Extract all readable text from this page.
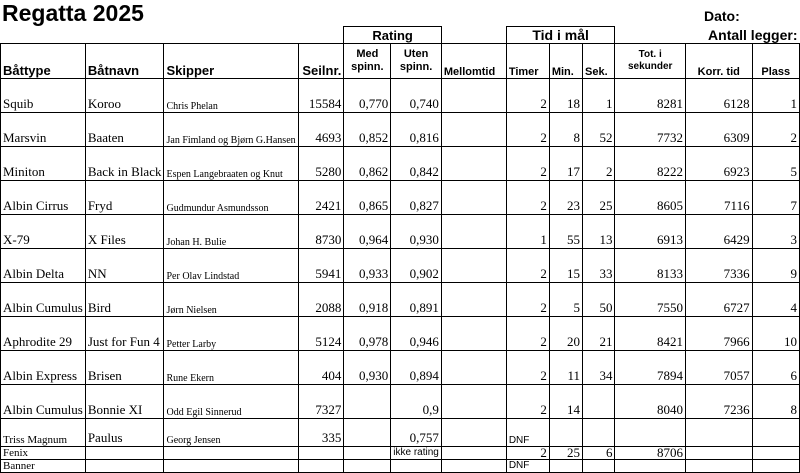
				Rating			Tid i mål			Antall legger:		
Båttype	Båtnavn	Skipper	Seilnr.	Med spinn.	Uten spinn.	Mellomtid	Timer	Min.	Sek.	Tot. i sekunder	Korr. tid	Plass
Squib	Koroo	Chris Phelan	15584	0,770	0,740		2	18	1	8281	6128	1
Marsvin	Baaten	Jan Fimland og Bjørn G.Hansen	4693	0,852	0,816		2	8	52	7732	6309	2
Miniton	Back in Black	Espen Langebraaten og Knut	5280	0,862	0,842		2	17	2	8222	6923	5
Albin Cirrus	Fryd	Gudmundur Asmundsson	2421	0,865	0,827		2	23	25	8605	7116	7
X-79	X Files	Johan H. Bulie	8730	0,964	0,930		1	55	13	6913	6429	3
Albin Delta	NN	Per Olav Lindstad	5941	0,933	0,902		2	15	33	8133	7336	9
Albin Cumulus	Bird	Jørn Nielsen	2088	0,918	0,891		2	5	50	7550	6727	4
Aphrodite 29	Just for Fun 4	Petter Larby	5124	0,978	0,946		2	20	21	8421	7966	10
Albin Express	Brisen	Rune Ekern	404	0,930	0,894		2	11	34	7894	7057	6
Albin Cumulus	Bonnie XI	Odd Egil Sinnerud	7327		0,9		2	14		8040	7236	8
Triss Magnum	Paulus	Georg Jensen	335		0,757		DNF					
Fenix					ikke rating		2	25	6	8706		
Banner							DNF					
Regatta 2025	Dato:
